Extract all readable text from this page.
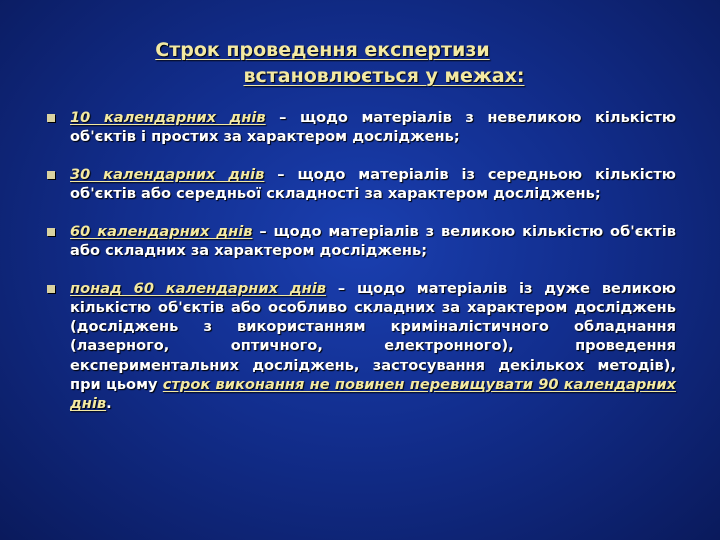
Строк проведення експертизи
встановлюється у межах:
10 календарних днів – щодо матеріалів з невеликою кількістю об'єктів і простих за характером досліджень;
30 календарних днів – щодо матеріалів із середньою кількістю об'єктів або середньої складності за характером досліджень;
60 календарних днів – щодо матеріалів з великою кількістю об'єктів або складних за характером досліджень;
понад 60 календарних днів – щодо матеріалів із дуже великою кількістю об'єктів або особливо складних за характером досліджень (досліджень з використанням криміналістичного обладнання (лазерного, оптичного, електронного), проведення експериментальних досліджень, застосування декількох методів), при цьому строк виконання не повинен перевищувати 90 календарних днів.
